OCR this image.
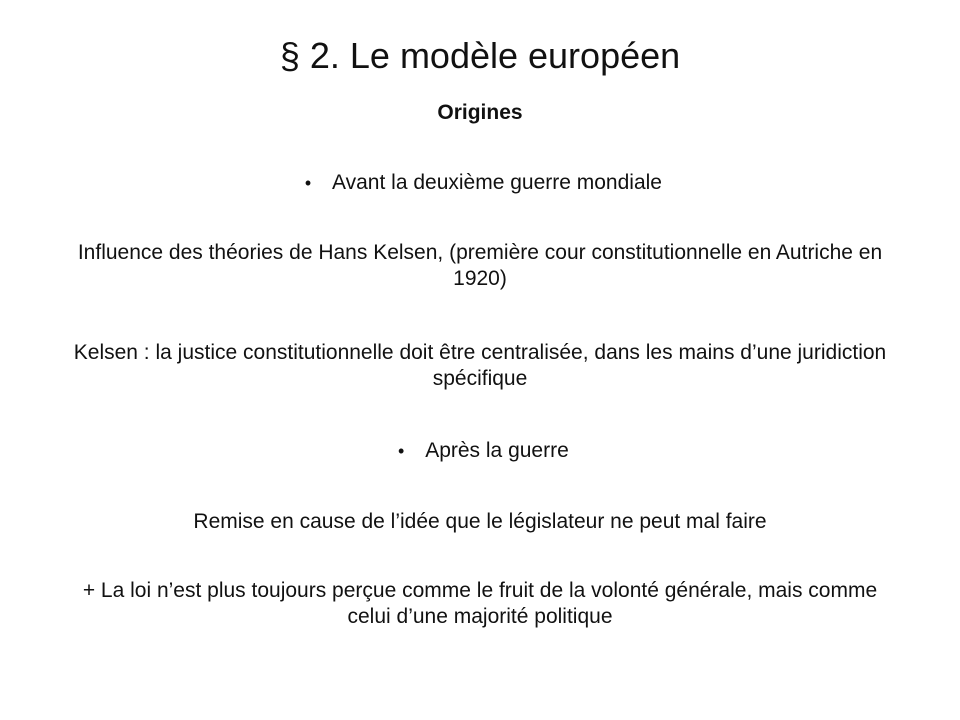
§ 2. Le modèle européen
Origines
• Avant la deuxième guerre mondiale
Influence des théories de Hans Kelsen, (première cour constitutionnelle en Autriche en 1920)
Kelsen : la justice constitutionnelle doit être centralisée, dans les mains d’une juridiction spécifique
• Après la guerre
Remise en cause de l’idée que le législateur ne peut mal faire
+ La loi n’est plus toujours perçue comme le fruit de la volonté générale, mais comme celui d’une majorité politique
